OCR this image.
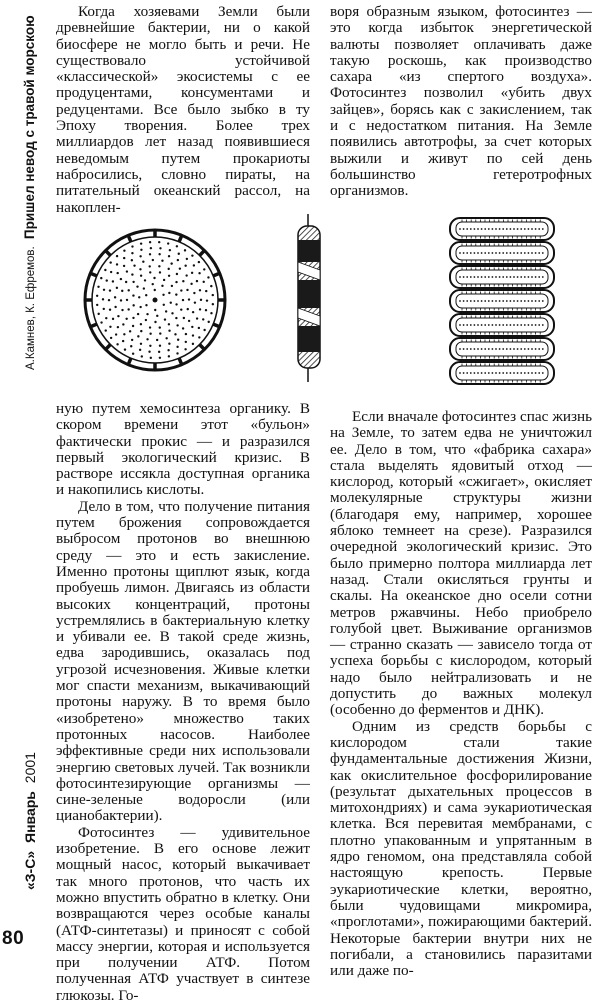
А.Камнев, К. Ефремов. Пришел невод с травой морскою
«З-С» Январь 2001
80

Когда хозяевами Земли были древнейшие бактерии, ни о какой биосфере не могло быть и речи. Не существовало устойчивой «классической» экосистемы с ее продуцентами, консументами и редуцентами. Все было зыбко в ту Эпоху творения. Более трех миллиардов лет назад появившиеся неведомым путем прокариоты набросились, словно пираты, на питательный океанский рассол, на накоплен-

воря образным языком, фотосинтез — это когда избыток энергетической валюты позволяет оплачивать даже такую роскошь, как производство сахара «из спертого воздуха». Фотосинтез позволил «убить двух зайцев», борясь как с закислением, так и с недостатком питания. На Земле появились автотрофы, за счет которых выжили и живут по сей день большинство гетеротрофных организмов.

ную путем хемосинтеза органику. В скором времени этот «бульон» фактически прокис — и разразился первый экологический кризис. В растворе иссякла доступная органика и накопились кислоты.

Дело в том, что получение питания путем брожения сопровождается выбросом протонов во внешнюю среду — это и есть закисление. Именно протоны щиплют язык, когда пробуешь лимон. Двигаясь из области высоких концентраций, протоны устремлялись в бактериальную клетку и убивали ее. В такой среде жизнь, едва зародившись, оказалась под угрозой исчезновения. Живые клетки мог спасти механизм, выкачивающий протоны наружу. В то время было «изобретено» множество таких протонных насосов. Наиболее эффективные среди них использовали энергию световых лучей. Так возникли фотосинтезирующие организмы — сине-зеленые водоросли (или цианобактерии).

Фотосинтез — удивительное изобретение. В его основе лежит мощный насос, который выкачивает так много протонов, что часть их можно впустить обратно в клетку. Они возвращаются через особые каналы (АТФ-синтетазы) и приносят с собой массу энергии, которая и используется при получении АТФ. Потом полученная АТФ участвует в синтезе глюкозы. Го-

Если вначале фотосинтез спас жизнь на Земле, то затем едва не уничтожил ее. Дело в том, что «фабрика сахара» стала выделять ядовитый отход — кислород, который «сжигает», окисляет молекулярные структуры жизни (благодаря ему, например, хорошее яблоко темнеет на срезе). Разразился очередной экологический кризис. Это было примерно полтора миллиарда лет назад. Стали окисляться грунты и скалы. На океанское дно осели сотни метров ржавчины. Небо приобрело голубой цвет. Выживание организмов — странно сказать — зависело тогда от успеха борьбы с кислородом, который надо было нейтрализовать и не допустить до важных молекул (особенно до ферментов и ДНК).

Одним из средств борьбы с кислородом стали такие фундаментальные достижения Жизни, как окислительное фосфорилирование (результат дыхательных процессов в митохондриях) и сама эукариотическая клетка. Вся перевитая мембранами, с плотно упакованным и упрятанным в ядро геномом, она представляла собой настоящую крепость. Первые эукариотические клетки, вероятно, были чудовищами микромира, «проглотами», пожирающими бактерий. Некоторые бактерии внутри них не погибали, а становились паразитами или даже по-
